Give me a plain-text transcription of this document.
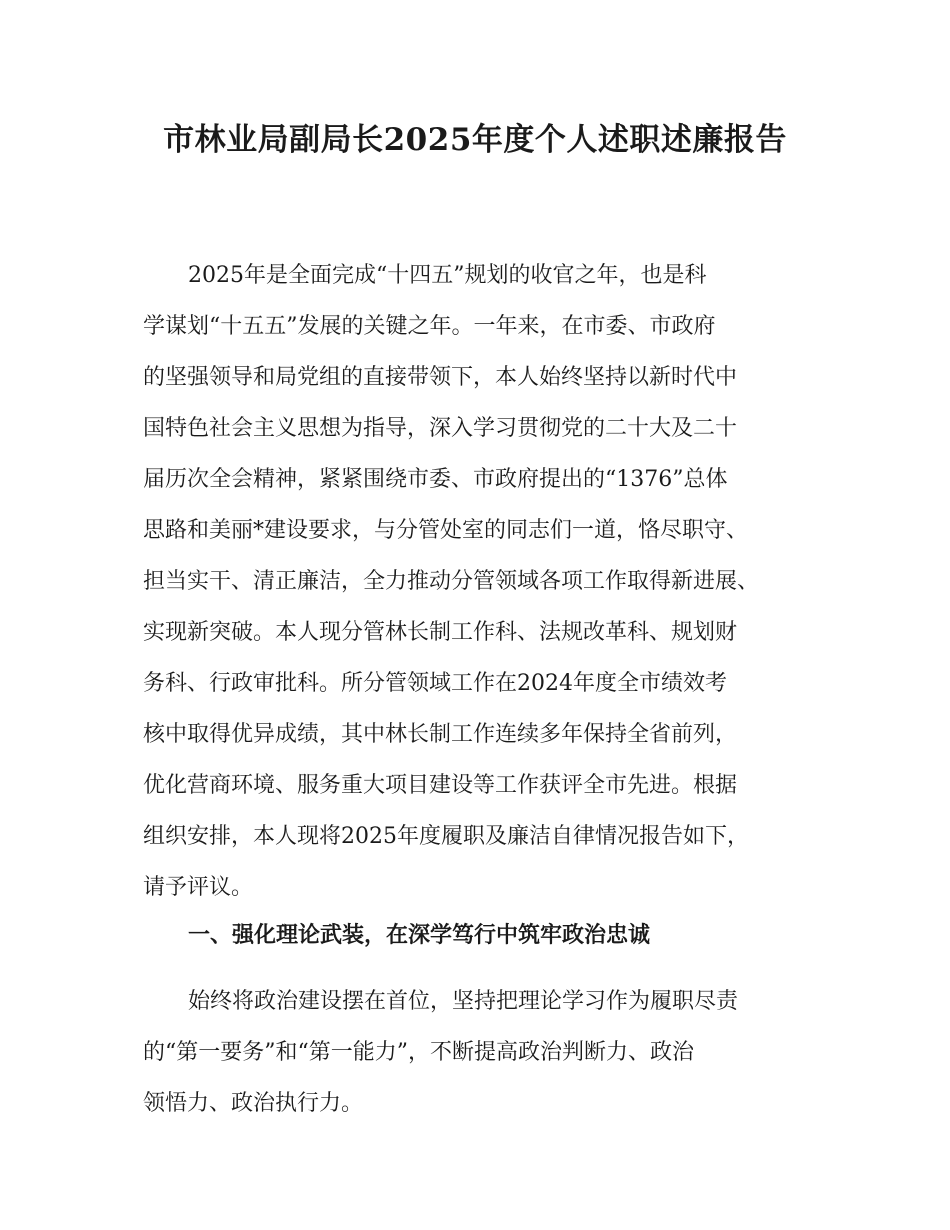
市林业局副局长2025年度个人述职述廉报告
2025年是全面完成“十四五”规划的收官之年，也是科
学谋划“十五五”发展的关键之年。一年来，在市委、市政府
的坚强领导和局党组的直接带领下，本人始终坚持以新时代中
国特色社会主义思想为指导，深入学习贯彻党的二十大及二十
届历次全会精神，紧紧围绕市委、市政府提出的“1376”总体
思路和美丽*建设要求，与分管处室的同志们一道，恪尽职守、
担当实干、清正廉洁，全力推动分管领域各项工作取得新进展、
实现新突破。本人现分管林长制工作科、法规改革科、规划财
务科、行政审批科。所分管领域工作在2024年度全市绩效考
核中取得优异成绩，其中林长制工作连续多年保持全省前列，
优化营商环境、服务重大项目建设等工作获评全市先进。根据
组织安排，本人现将2025年度履职及廉洁自律情况报告如下，
请予评议。
一、强化理论武装，在深学笃行中筑牢政治忠诚
始终将政治建设摆在首位，坚持把理论学习作为履职尽责
的“第一要务”和“第一能力”，不断提高政治判断力、政治
领悟力、政治执行力。
